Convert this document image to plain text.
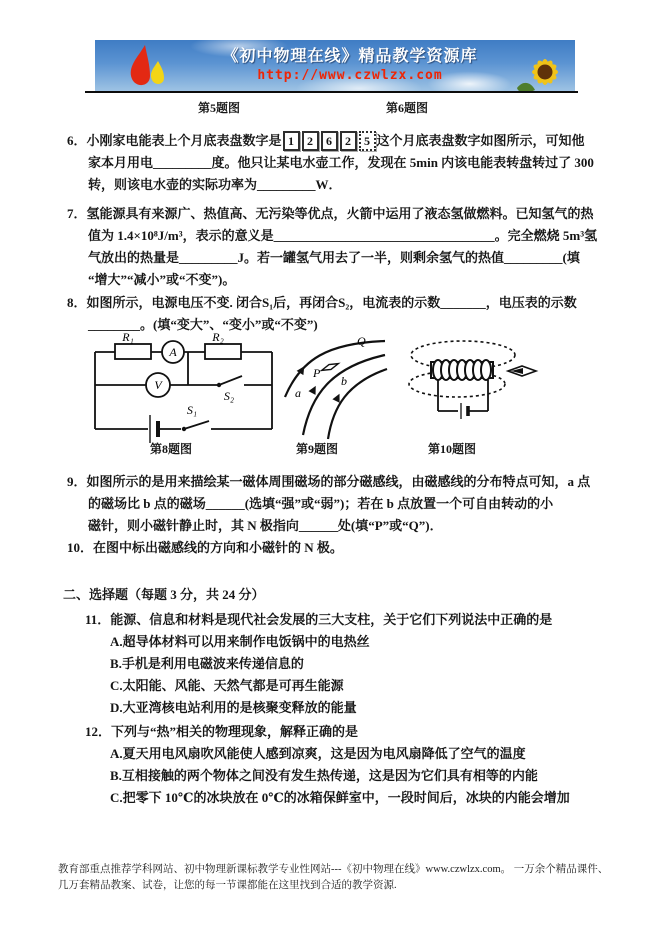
《初中物理在线》精品教学资源库
http://www.czwlzx.com
第5题图	第6题图
6．小刚家电能表上个月底表盘数字是 1	2	6	2	5 这个月底表盘数字如图所示，可知他
家本月用电_________度。他只让某电水壶工作，发现在 5min 内该电能表转盘转过了 300
转，则该电水壶的实际功率为_________W．
7．氢能源具有来源广、热值高、无污染等优点，火箭中运用了液态氢做燃料。已知氢气的热
值为 1.4×10⁸J/m³，表示的意义是__________________________________。完全燃烧 5m³氢
气放出的热量是_________J。若一罐氢气用去了一半，则剩余氢气的热值_________(填
“增大”“减小”或“不变”)。
8．如图所示，电源电压不变. 闭合S₁后，再闭合S₂，电流表的示数_______，电压表的示数
________。(填“变大”、“变小”或“不变”)
R₁	R₂
A
V
S₂
S₁
Q
P
a
b
第8题图	第9题图	第10题图
9．如图所示的是用来描绘某一磁体周围磁场的部分磁感线，由磁感线的分布特点可知，a 点
的磁场比 b 点的磁场______(选填“强”或“弱”)；若在 b 点放置一个可自由转动的小
磁针，则小磁针静止时，其 N 极指向______处(填“P”或“Q”)．
10．在图中标出磁感线的方向和小磁针的 N 极。
二、选择题（每题 3 分，共 24 分）
11．能源、信息和材料是现代社会发展的三大支柱，关于它们下列说法中正确的是
A.超导体材料可以用来制作电饭锅中的电热丝
B.手机是利用电磁波来传递信息的
C.太阳能、风能、天然气都是可再生能源
D.大亚湾核电站利用的是核聚变释放的能量
12．下列与“热”相关的物理现象，解释正确的是
A.夏天用电风扇吹风能使人感到凉爽，这是因为电风扇降低了空气的温度
B.互相接触的两个物体之间没有发生热传递，这是因为它们具有相等的内能
C.把零下 10℃的冰块放在 0℃的冰箱保鲜室中，一段时间后，冰块的内能会增加
教育部重点推荐学科网站、初中物理新课标教学专业性网站---《初中物理在线》www.czwlzx.com。 一万余个精品课件、
几万套精品教案、试卷，让您的每一节课都能在这里找到合适的教学资源.
